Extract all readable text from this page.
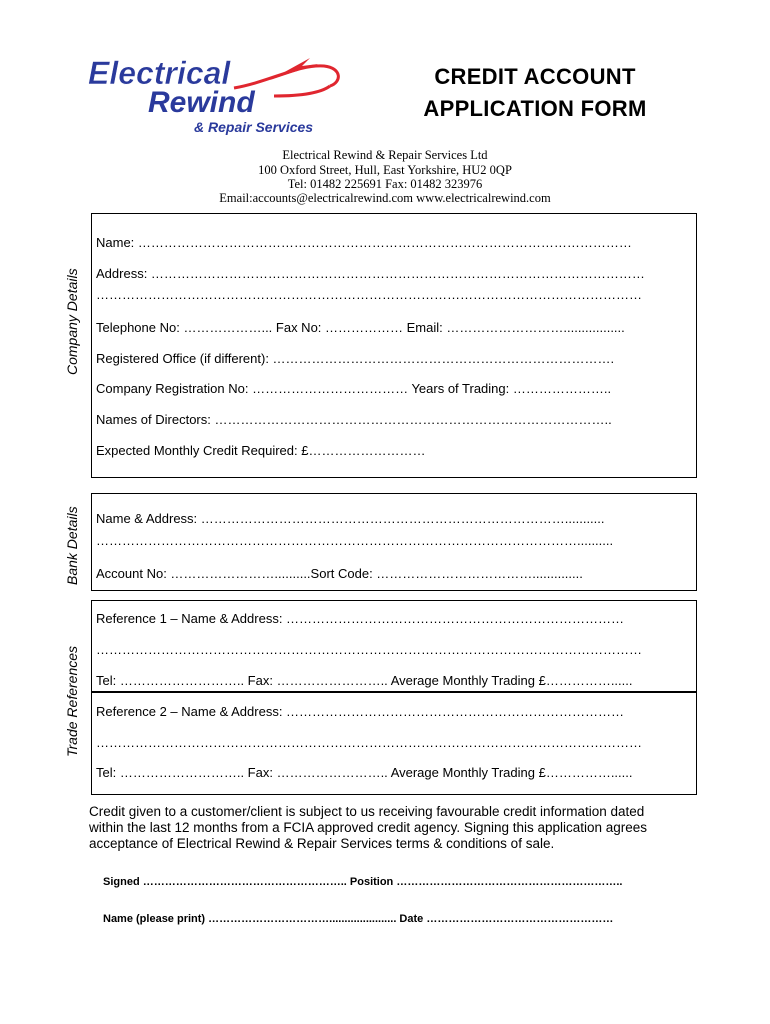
Electrical
Rewind
& Repair Services
CREDIT ACCOUNT
APPLICATION FORM
Electrical Rewind & Repair Services Ltd
100 Oxford Street, Hull, East Yorkshire, HU2 0QP
Tel: 01482 225691 Fax: 01482 323976
Email:accounts@electricalrewind.com www.electricalrewind.com
Company Details
Bank Details
Trade References
Name: ……………………………………………………………………………………………………
Address: ……………………………………………………………………………………………………
………………………………………………………………………………………………………………
Telephone No: ………………... Fax No: ……………… Email: ……………………….................
Registered Office (if different): …………………………………………………………………….
Company Registration No: ……………………………… Years of Trading: …………………..
Names of Directors: ………………………………………………………………………………..
Expected Monthly Credit Required: £………………………
Name & Address: …………………………………………………………………………...........
…………………………………………………………………………………………………..........
Account No: ……………………..........Sort Code: ………………………………..............
Reference 1 – Name & Address: ……………………………………………………………………
………………………………………………………………………………………………………………
Tel: ……………………….. Fax: …………………….. Average Monthly Trading £……………......
Reference 2 – Name & Address: ……………………………………………………………………
………………………………………………………………………………………………………………
Tel: ……………………….. Fax: …………………….. Average Monthly Trading £……………......
Credit given to a customer/client is subject to us receiving favourable credit information dated
within the last 12 months from a FCIA approved credit agency. Signing this application agrees
acceptance of Electrical Rewind & Repair Services terms & conditions of sale.
Signed ……………………………………………….. Position ……………………………………………………..
Name (please print) ……………………………...................... Date ……………………………………………
